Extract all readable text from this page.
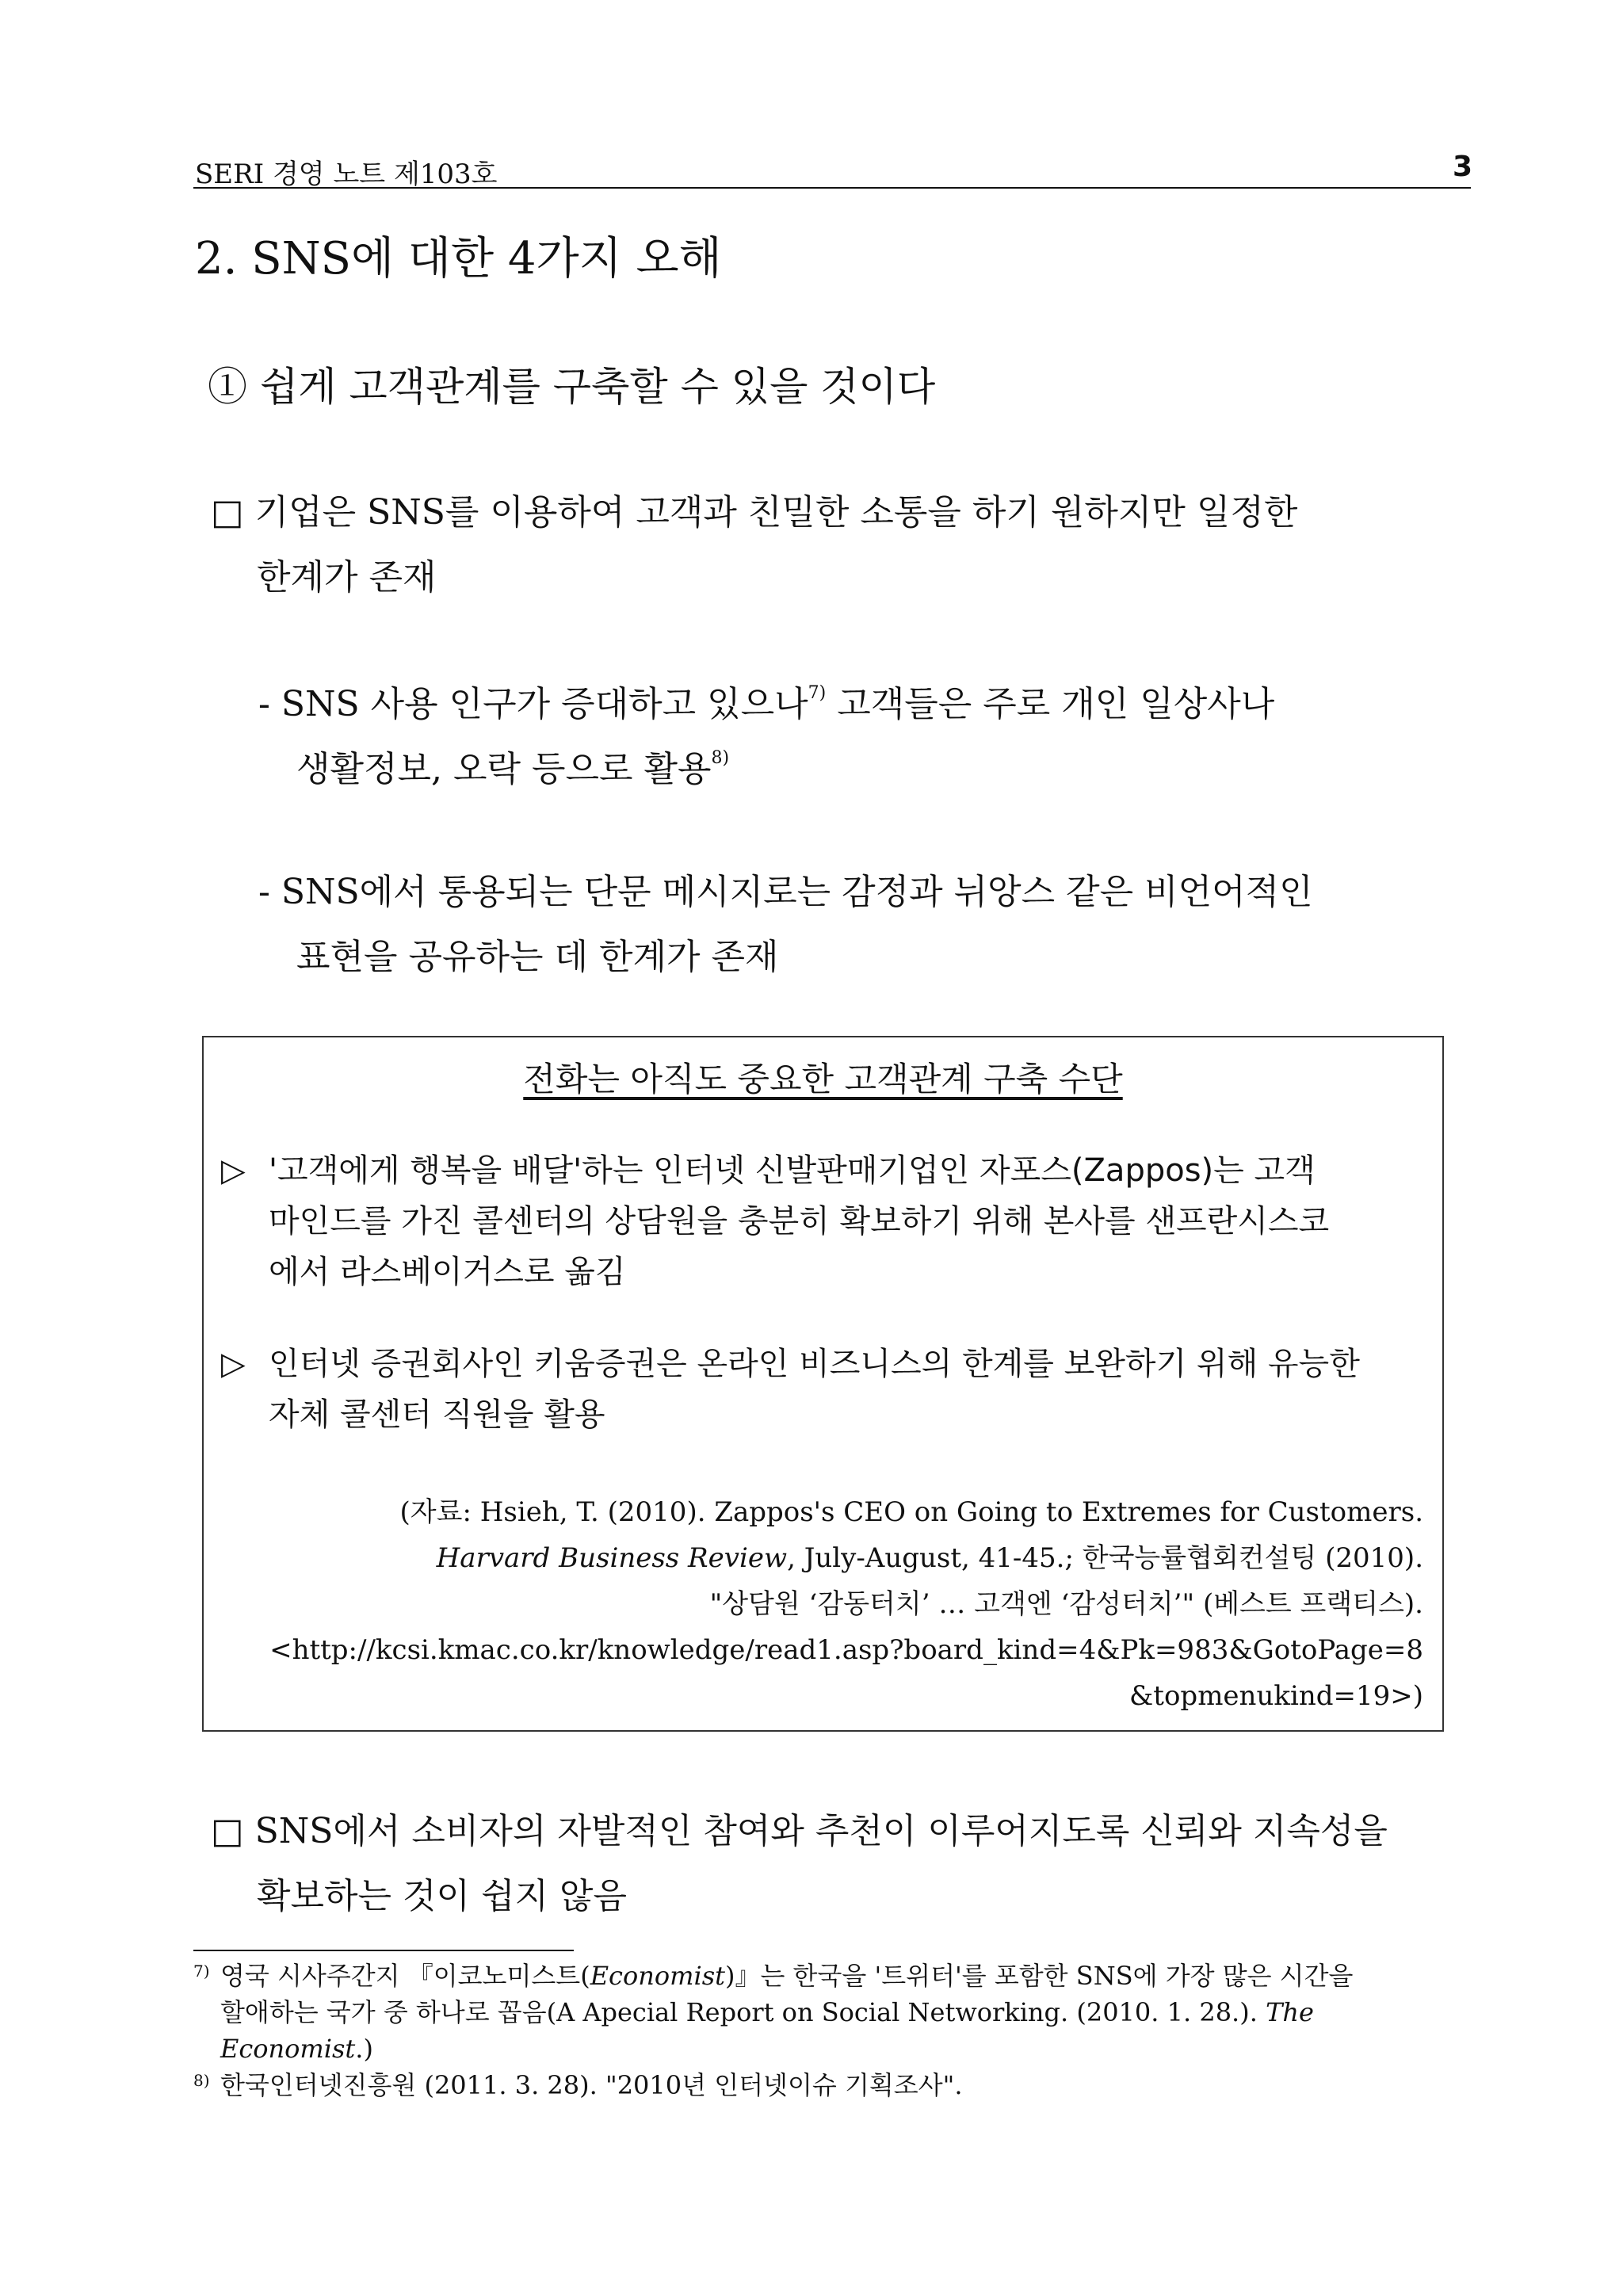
SERI 경영 노트 제103호	3
2. SNS에 대한 4가지 오해
① 쉽게 고객관계를 구축할 수 있을 것이다
□ 기업은 SNS를 이용하여 고객과 친밀한 소통을 하기 원하지만 일정한
한계가 존재
- SNS 사용 인구가 증대하고 있으나$^{7)}$ 고객들은 주로 개인 일상사나
생활정보, 오락 등으로 활용$^{8)}$
- SNS에서 통용되는 단문 메시지로는 감정과 뉘앙스 같은 비언어적인
표현을 공유하는 데 한계가 존재
전화는 아직도 중요한 고객관계 구축 수단
▷ '고객에게 행복을 배달'하는 인터넷 신발판매기업인 자포스(Zappos)는 고객
마인드를 가진 콜센터의 상담원을 충분히 확보하기 위해 본사를 샌프란시스코
에서 라스베이거스로 옮김
▷ 인터넷 증권회사인 키움증권은 온라인 비즈니스의 한계를 보완하기 위해 유능한
자체 콜센터 직원을 활용
(자료: Hsieh, T. (2010). Zappos's CEO on Going to Extremes for Customers.
Harvard Business Review, July-August, 41-45.; 한국능률협회컨설팅 (2010).
"상담원 ‘감동터치’ … 고객엔 ‘감성터치’" (베스트 프랙티스).
<http://kcsi.kmac.co.kr/knowledge/read1.asp?board_kind=4&Pk=983&GotoPage=8
&topmenukind=19>)
□ SNS에서 소비자의 자발적인 참여와 추천이 이루어지도록 신뢰와 지속성을
확보하는 것이 쉽지 않음
7) 영국 시사주간지 『이코노미스트(Economist)』는 한국을 '트위터'를 포함한 SNS에 가장 많은 시간을
할애하는 국가 중 하나로 꼽음(A Apecial Report on Social Networking. (2010. 1. 28.). The
Economist.)
8) 한국인터넷진흥원 (2011. 3. 28). "2010년 인터넷이슈 기획조사".
